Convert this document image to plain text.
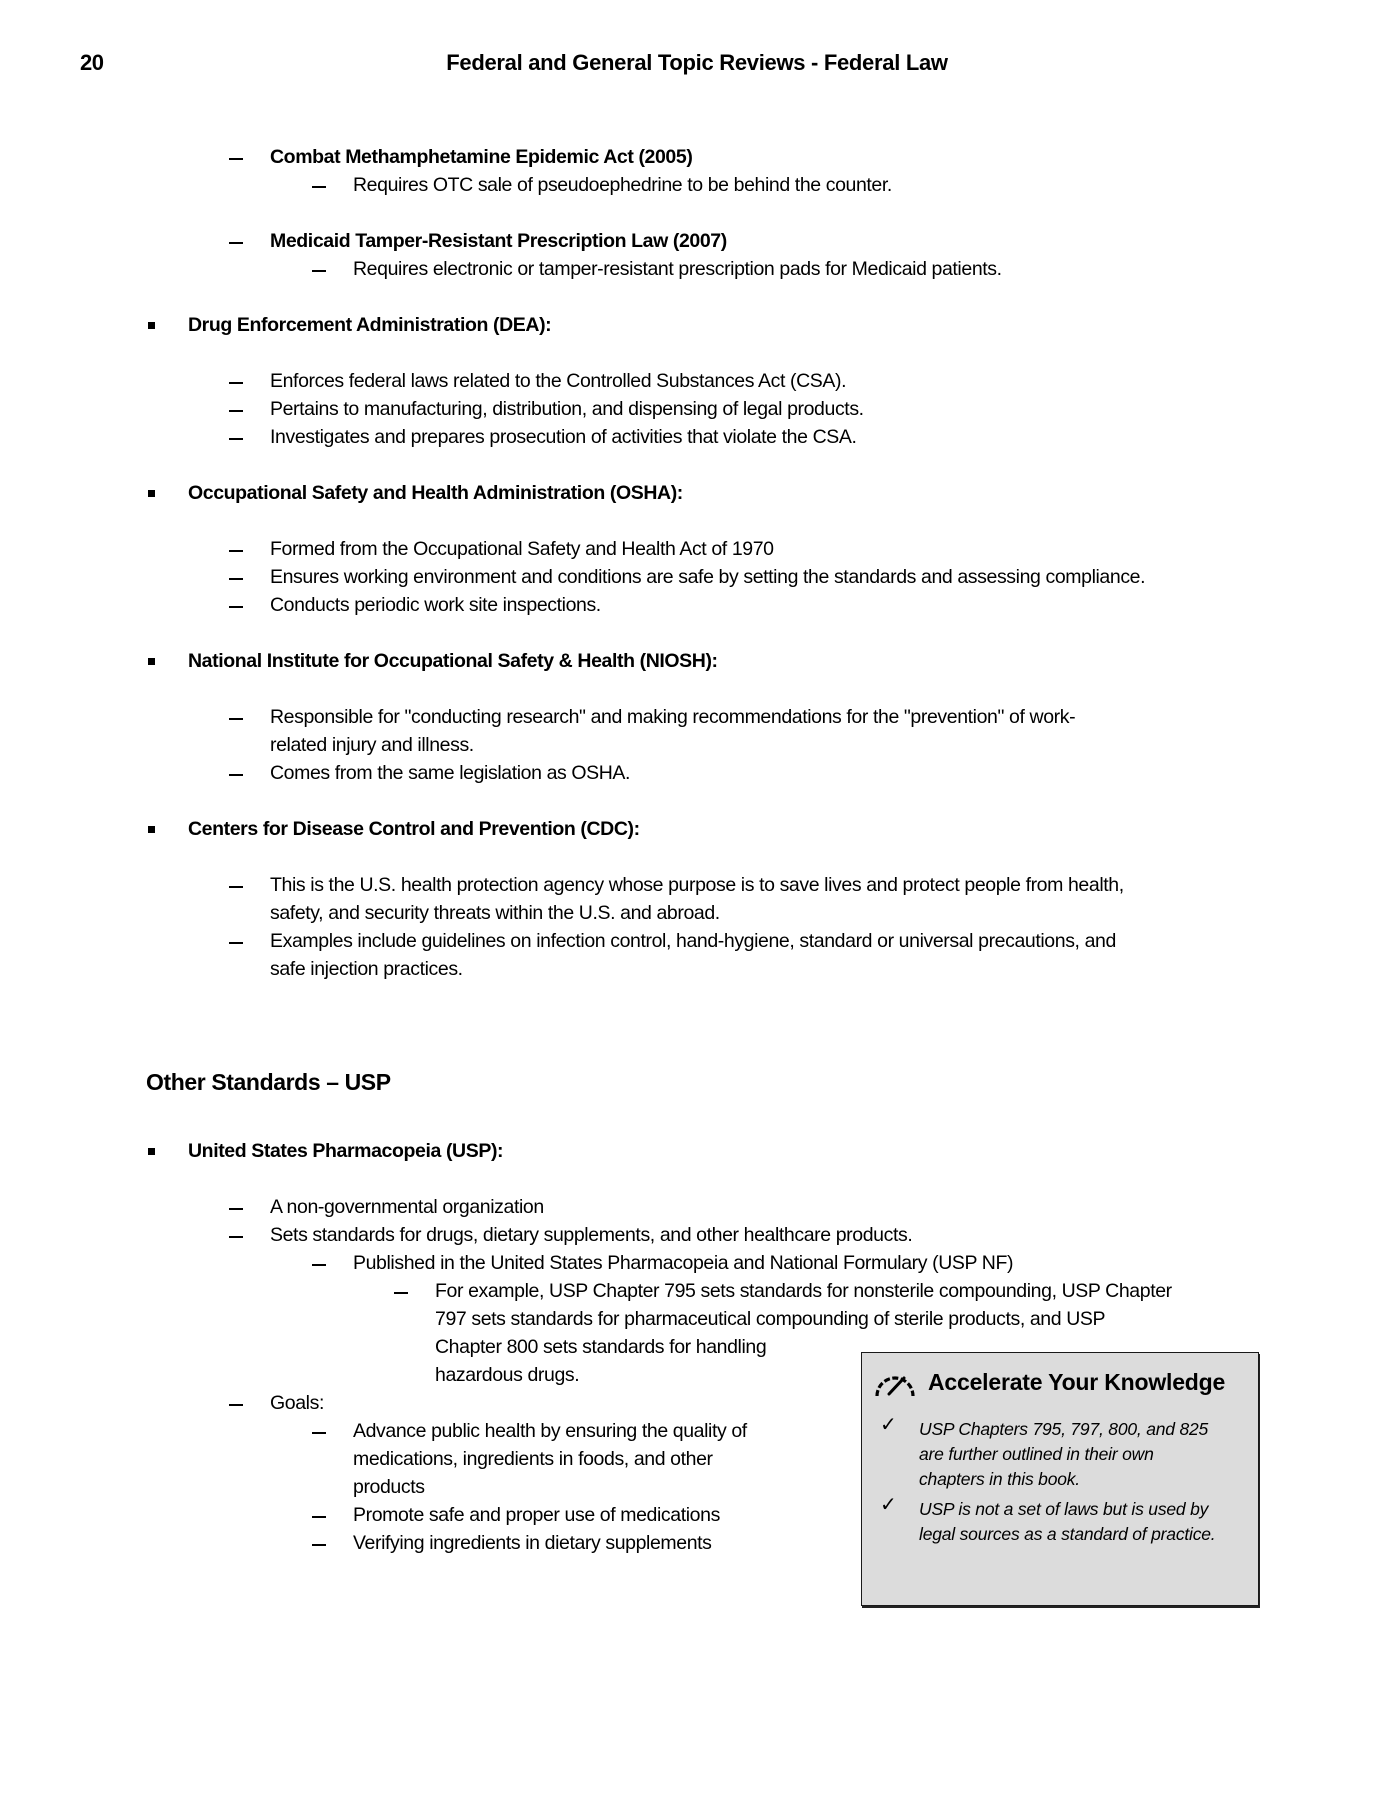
20	Federal and General Topic Reviews - Federal Law
Combat Methamphetamine Epidemic Act (2005)
Requires OTC sale of pseudoephedrine to be behind the counter.
Medicaid Tamper-Resistant Prescription Law (2007)
Requires electronic or tamper-resistant prescription pads for Medicaid patients.
Drug Enforcement Administration (DEA):
Enforces federal laws related to the Controlled Substances Act (CSA).
Pertains to manufacturing, distribution, and dispensing of legal products.
Investigates and prepares prosecution of activities that violate the CSA.
Occupational Safety and Health Administration (OSHA):
Formed from the Occupational Safety and Health Act of 1970
Ensures working environment and conditions are safe by setting the standards and assessing compliance.
Conducts periodic work site inspections.
National Institute for Occupational Safety & Health (NIOSH):
Responsible for "conducting research" and making recommendations for the "prevention" of work-
related injury and illness.
Comes from the same legislation as OSHA.
Centers for Disease Control and Prevention (CDC):
This is the U.S. health protection agency whose purpose is to save lives and protect people from health,
safety, and security threats within the U.S. and abroad.
Examples include guidelines on infection control, hand-hygiene, standard or universal precautions, and
safe injection practices.
Other Standards – USP
United States Pharmacopeia (USP):
A non-governmental organization
Sets standards for drugs, dietary supplements, and other healthcare products.
Published in the United States Pharmacopeia and National Formulary (USP NF)
For example, USP Chapter 795 sets standards for nonsterile compounding, USP Chapter
797 sets standards for pharmaceutical compounding of sterile products, and USP
Chapter 800 sets standards for handling
hazardous drugs.
Goals:
Advance public health by ensuring the quality of
medications, ingredients in foods, and other
products
Promote safe and proper use of medications
Verifying ingredients in dietary supplements
Accelerate Your Knowledge
✓ USP Chapters 795, 797, 800, and 825
are further outlined in their own
chapters in this book.
✓ USP is not a set of laws but is used by
legal sources as a standard of practice.
